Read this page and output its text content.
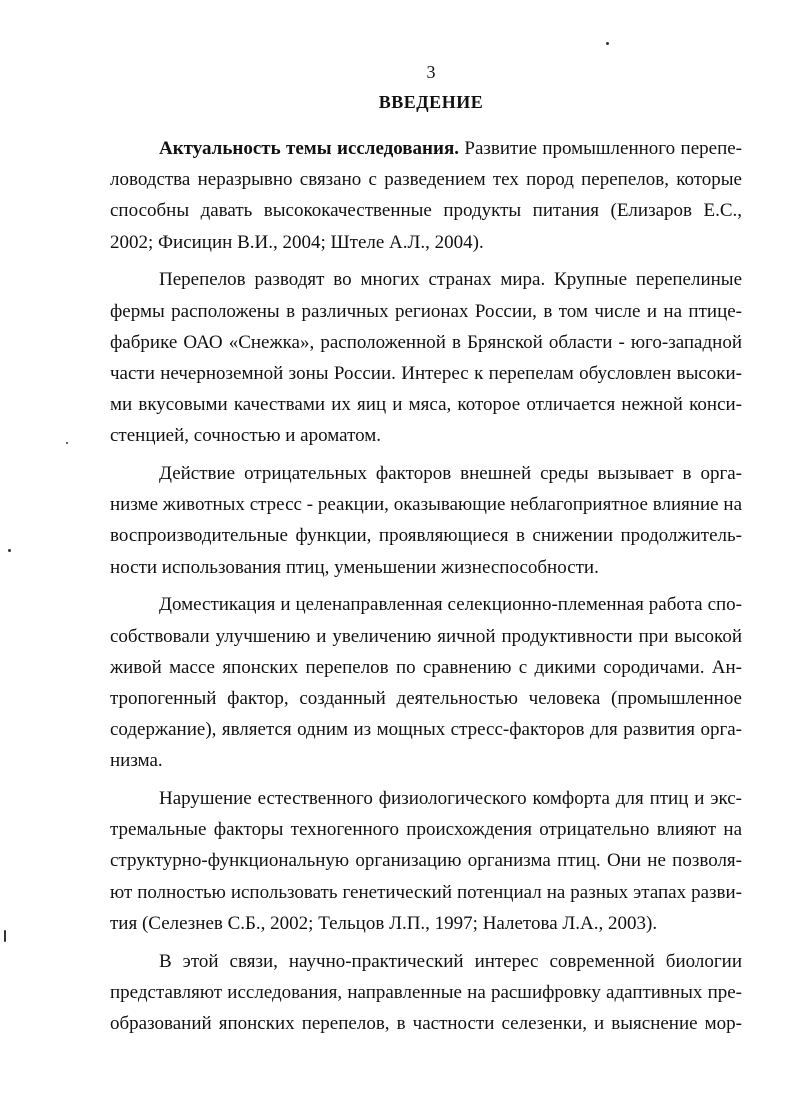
3
ВВЕДЕНИЕ
Актуальность темы исследования. Развитие промышленного перепе-
ловодства неразрывно связано с разведением тех пород перепелов, которые
способны давать высококачественные продукты питания (Елизаров Е.С.,
2002; Фисицин В.И., 2004; Штеле А.Л., 2004).
Перепелов разводят во многих странах мира. Крупные перепелиные
фермы расположены в различных регионах России, в том числе и на птице-
фабрике ОАО «Снежка», расположенной в Брянской области - юго-западной
части нечерноземной зоны России. Интерес к перепелам обусловлен высоки-
ми вкусовыми качествами их яиц и мяса, которое отличается нежной конси-
стенцией, сочностью и ароматом.
Действие отрицательных факторов внешней среды вызывает в орга-
низме животных стресс - реакции, оказывающие неблагоприятное влияние на
воспроизводительные функции, проявляющиеся в снижении продолжитель-
ности использования птиц, уменьшении жизнеспособности.
Доместикация и целенаправленная селекционно-племенная работа спо-
собствовали улучшению и увеличению яичной продуктивности при высокой
живой массе японских перепелов по сравнению с дикими сородичами. Ан-
тропогенный фактор, созданный деятельностью человека (промышленное
содержание), является одним из мощных стресс-факторов для развития орга-
низма.
Нарушение естественного физиологического комфорта для птиц и экс-
тремальные факторы техногенного происхождения отрицательно влияют на
структурно-функциональную организацию организма птиц. Они не позволя-
ют полностью использовать генетический потенциал на разных этапах разви-
тия (Селезнев С.Б., 2002; Тельцов Л.П., 1997; Налетова Л.А., 2003).
В этой связи, научно-практический интерес современной биологии
представляют исследования, направленные на расшифровку адаптивных пре-
образований японских перепелов, в частности селезенки, и выяснение мор-
